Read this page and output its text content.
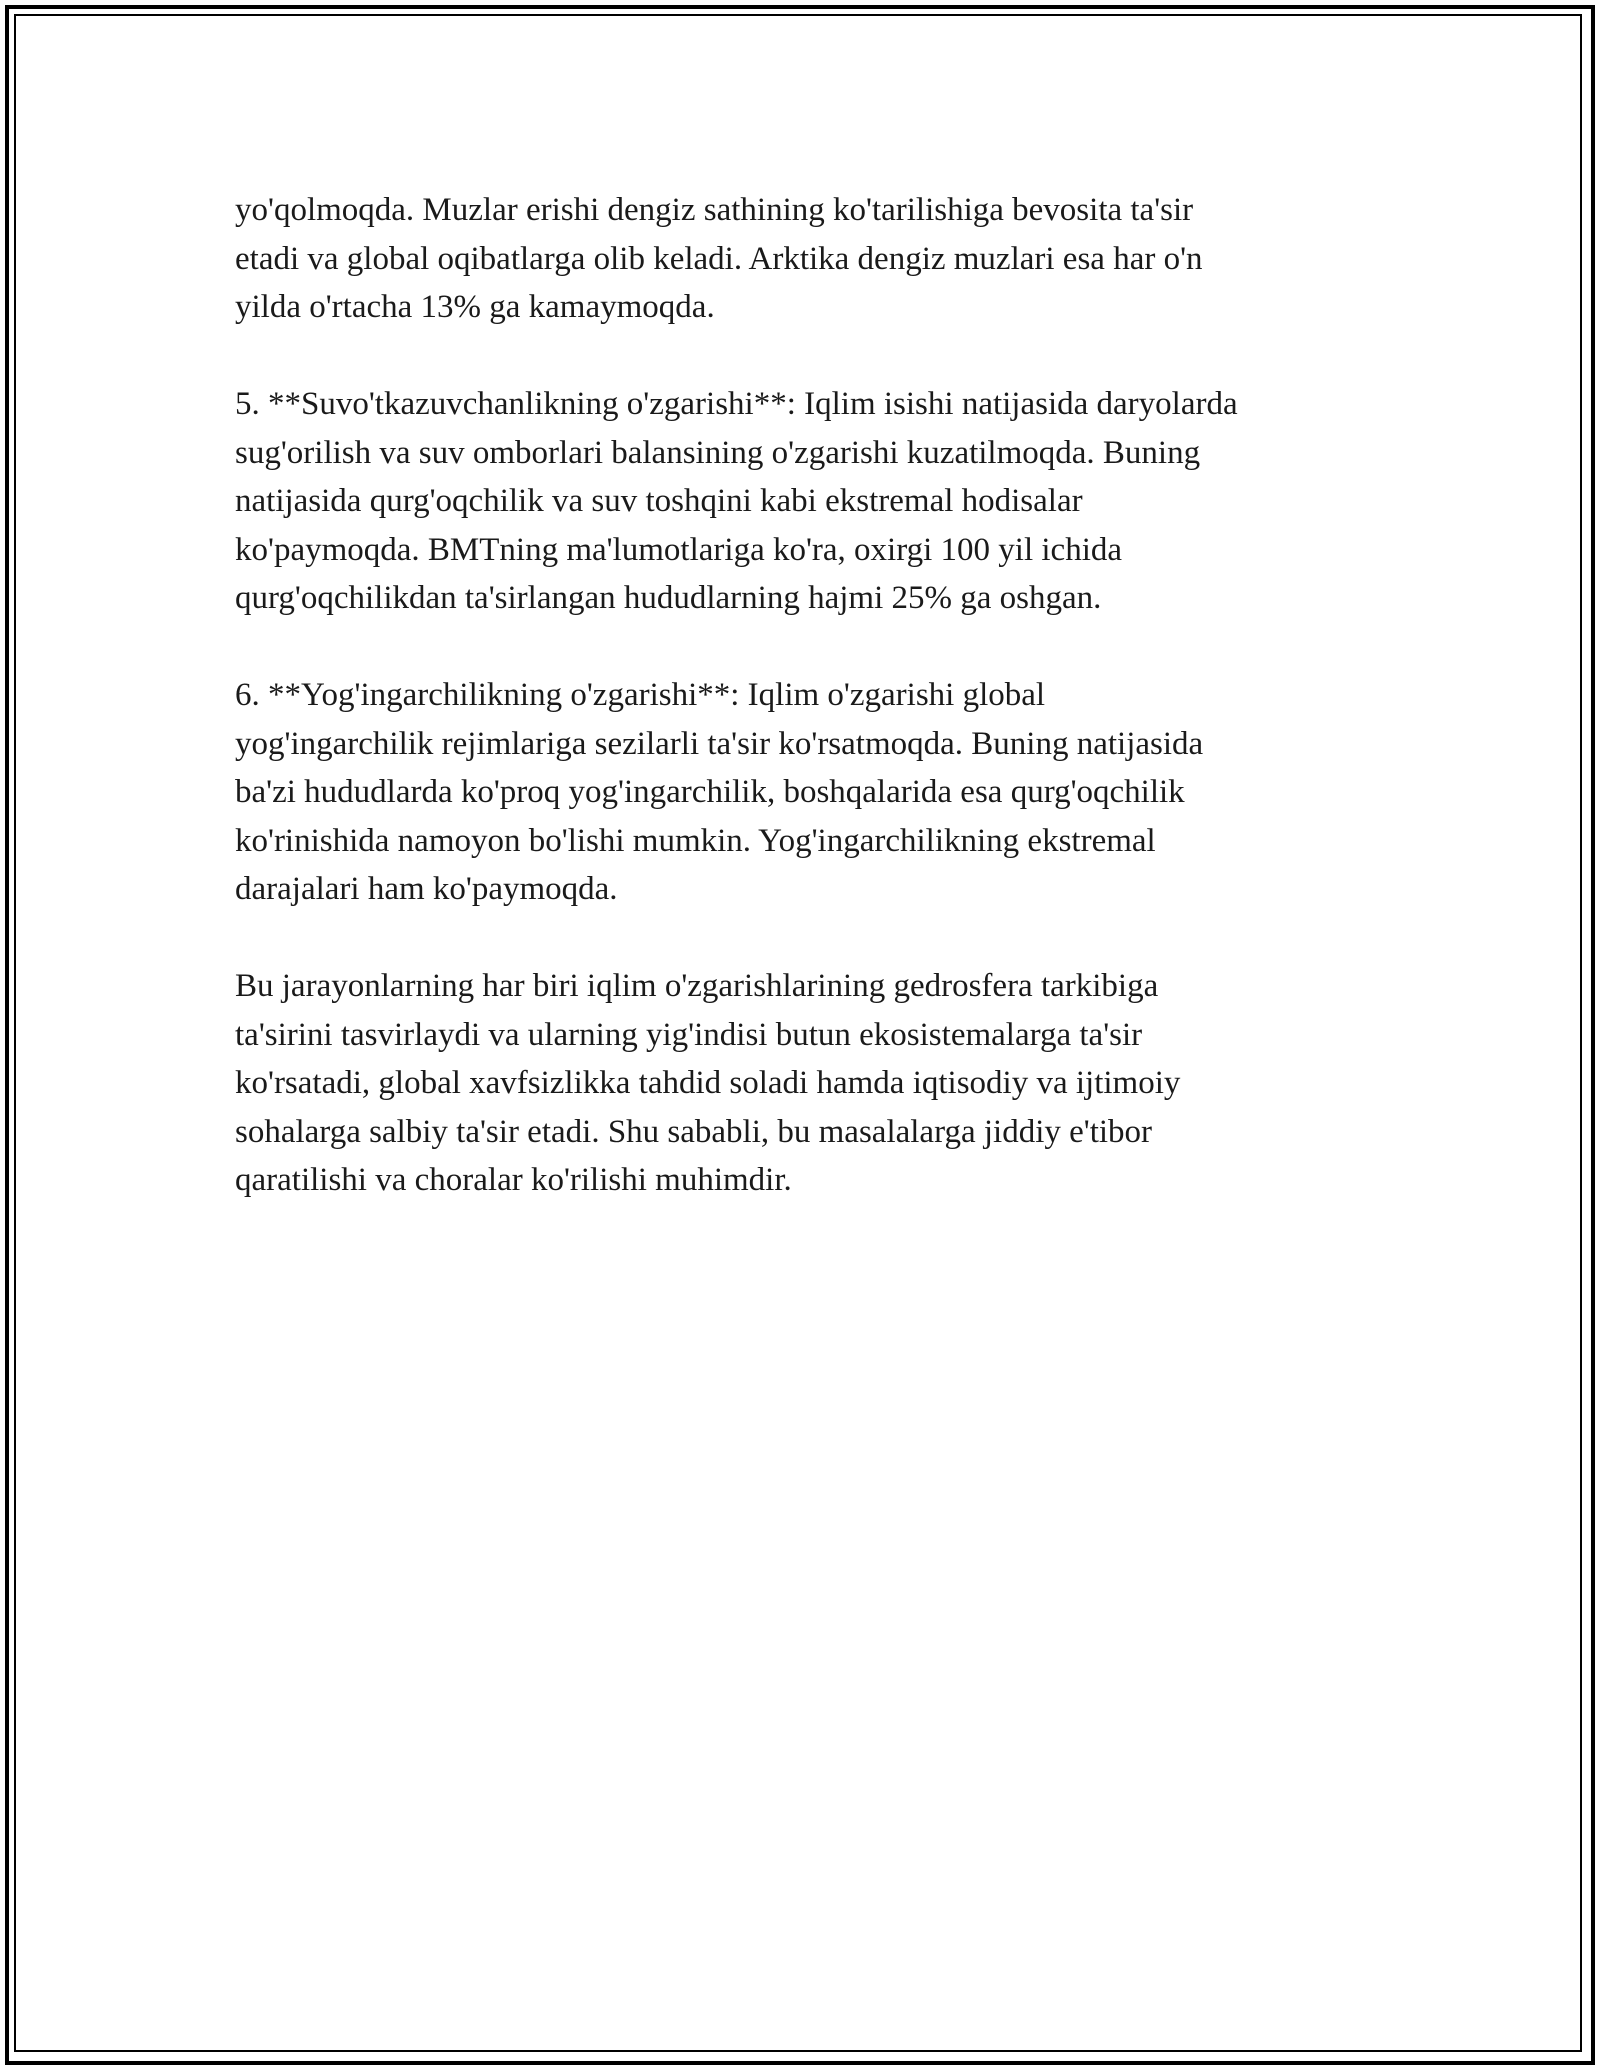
yo'qolmoqda. Muzlar erishi dengiz sathining ko'tarilishiga bevosita ta'sir
etadi va global oqibatlarga olib keladi. Arktika dengiz muzlari esa har o'n
yilda o'rtacha 13% ga kamaymoqda.

5. **Suvo'tkazuvchanlikning o'zgarishi**: Iqlim isishi natijasida daryolarda
sug'orilish va suv omborlari balansining o'zgarishi kuzatilmoqda. Buning
natijasida qurg'oqchilik va suv toshqini kabi ekstremal hodisalar
ko'paymoqda. BMTning ma'lumotlariga ko'ra, oxirgi 100 yil ichida
qurg'oqchilikdan ta'sirlangan hududlarning hajmi 25% ga oshgan.

6. **Yog'ingarchilikning o'zgarishi**: Iqlim o'zgarishi global
yog'ingarchilik rejimlariga sezilarli ta'sir ko'rsatmoqda. Buning natijasida
ba'zi hududlarda ko'proq yog'ingarchilik, boshqalarida esa qurg'oqchilik
ko'rinishida namoyon bo'lishi mumkin. Yog'ingarchilikning ekstremal
darajalari ham ko'paymoqda.

Bu jarayonlarning har biri iqlim o'zgarishlarining gedrosfera tarkibiga
ta'sirini tasvirlaydi va ularning yig'indisi butun ekosistemalarga ta'sir
ko'rsatadi, global xavfsizlikka tahdid soladi hamda iqtisodiy va ijtimoiy
sohalarga salbiy ta'sir etadi. Shu sababli, bu masalalarga jiddiy e'tibor
qaratilishi va choralar ko'rilishi muhimdir.
